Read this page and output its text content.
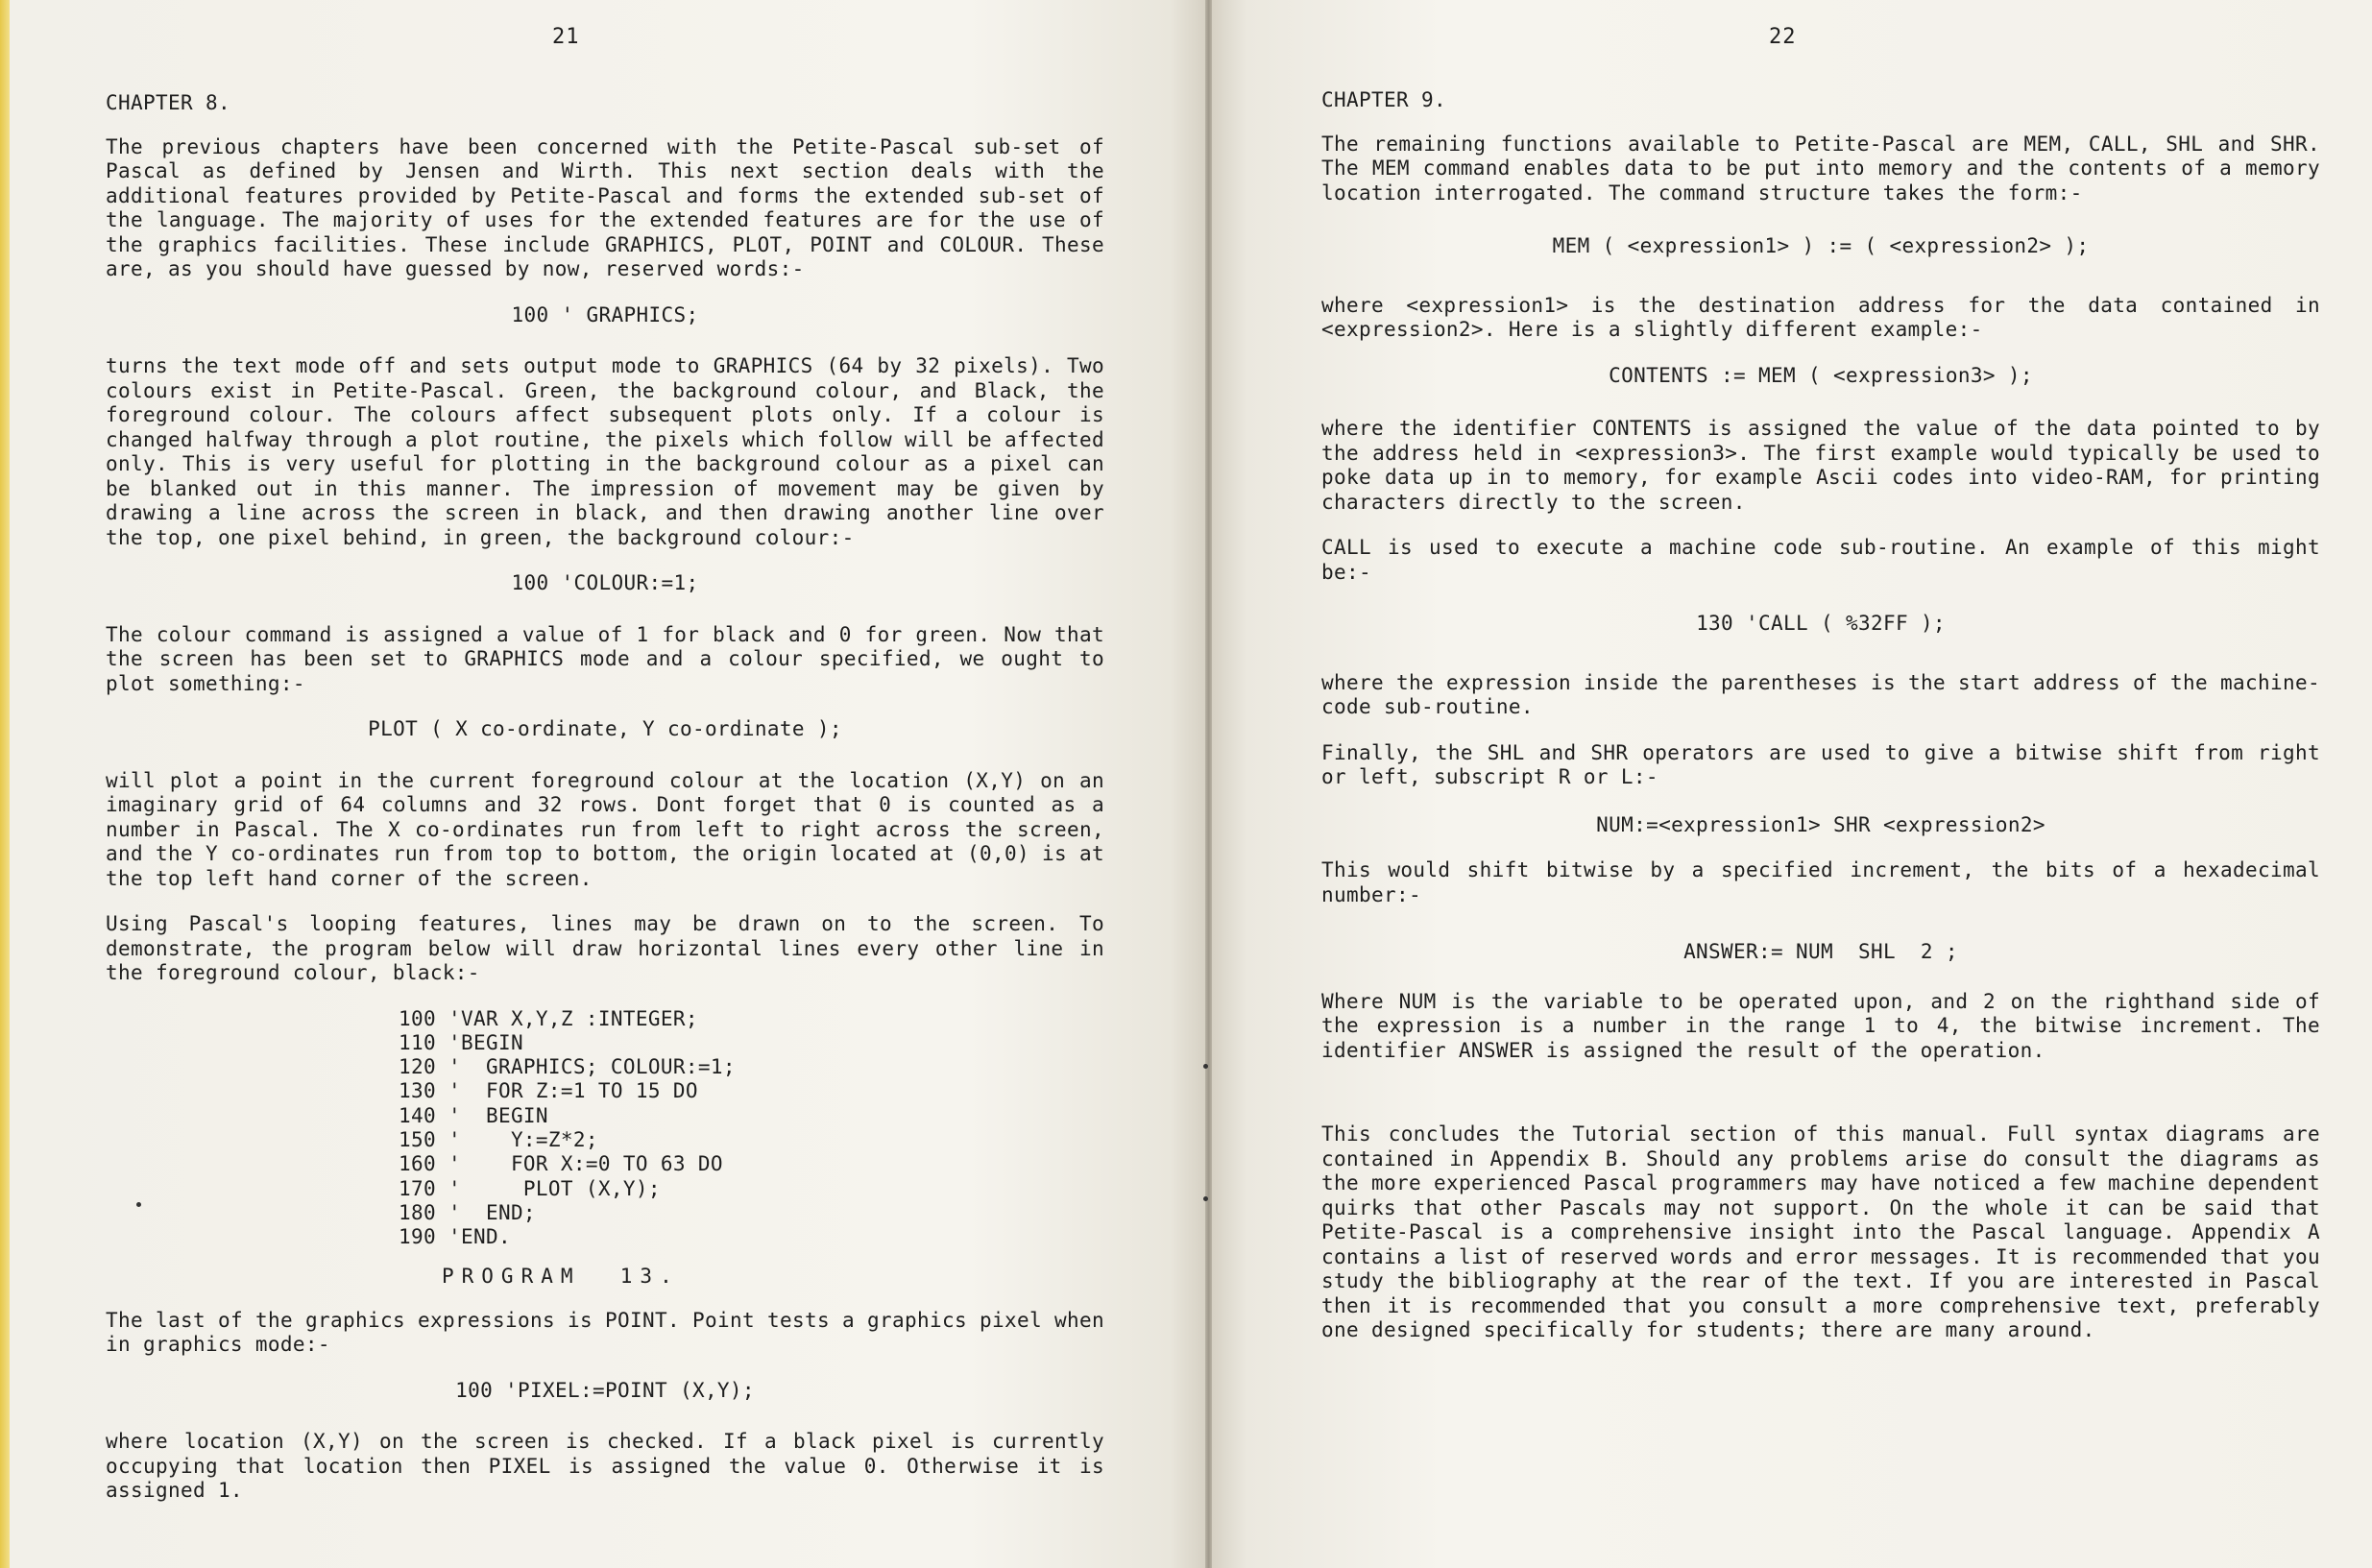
21
CHAPTER 8.

The previous chapters have been concerned with the Petite-Pascal sub-set of Pascal as defined by Jensen and Wirth. This next section deals with the additional features provided by Petite-Pascal and forms the extended sub-set of the language. The majority of uses for the extended features are for the use of the graphics facilities. These include GRAPHICS, PLOT, POINT and COLOUR. These are, as you should have guessed by now, reserved words:-

100 ' GRAPHICS;

turns the text mode off and sets output mode to GRAPHICS (64 by 32 pixels). Two colours exist in Petite-Pascal. Green, the background colour, and Black, the foreground colour. The colours affect subsequent plots only. If a colour is changed halfway through a plot routine, the pixels which follow will be affected only. This is very useful for plotting in the background colour as a pixel can be blanked out in this manner. The impression of movement may be given by drawing a line across the screen in black, and then drawing another line over the top, one pixel behind, in green, the background colour:-

100 'COLOUR:=1;

The colour command is assigned a value of 1 for black and 0 for green. Now that the screen has been set to GRAPHICS mode and a colour specified, we ought to plot something:-

PLOT ( X co-ordinate, Y co-ordinate );

will plot a point in the current foreground colour at the location (X,Y) on an imaginary grid of 64 columns and 32 rows. Dont forget that 0 is counted as a number in Pascal. The X co-ordinates run from left to right across the screen, and the Y co-ordinates run from top to bottom, the origin located at (0,0) is at the top left hand corner of the screen.

Using Pascal's looping features, lines may be drawn on to the screen. To demonstrate, the program below will draw horizontal lines every other line in the foreground colour, black:-

100 'VAR X,Y,Z :INTEGER;
110 'BEGIN
120 '  GRAPHICS; COLOUR:=1;
130 '  FOR Z:=1 TO 15 DO
140 '  BEGIN
150 '    Y:=Z*2;
160 '    FOR X:=0 TO 63 DO
170 '     PLOT (X,Y);
180 '  END;
190 'END.
PROGRAM  13.

The last of the graphics expressions is POINT. Point tests a graphics pixel when in graphics mode:-

100 'PIXEL:=POINT (X,Y);

where location (X,Y) on the screen is checked. If a black pixel is currently occupying that location then PIXEL is assigned the value 0. Otherwise it is assigned 1.

22
CHAPTER 9.

The remaining functions available to Petite-Pascal are MEM, CALL, SHL and SHR. The MEM command enables data to be put into memory and the contents of a memory location interrogated. The command structure takes the form:-

MEM ( <expression1> ) := ( <expression2> );

where <expression1> is the destination address for the data contained in <expression2>. Here is a slightly different example:-

CONTENTS := MEM ( <expression3> );

where the identifier CONTENTS is assigned the value of the data pointed to by the address held in <expression3>. The first example would typically be used to poke data up in to memory, for example Ascii codes into video-RAM, for printing characters directly to the screen.

CALL is used to execute a machine code sub-routine. An example of this might be:-

130 'CALL ( %32FF );

where the expression inside the parentheses is the start address of the machine-code sub-routine.

Finally, the SHL and SHR operators are used to give a bitwise shift from right or left, subscript R or L:-

NUM:=<expression1> SHR <expression2>

This would shift bitwise by a specified increment, the bits of a hexadecimal number:-

ANSWER:= NUM  SHL  2 ;

Where NUM is the variable to be operated upon, and 2 on the righthand side of the expression is a number in the range 1 to 4, the bitwise increment. The identifier ANSWER is assigned the result of the operation.

This concludes the Tutorial section of this manual. Full syntax diagrams are contained in Appendix B. Should any problems arise do consult the diagrams as the more experienced Pascal programmers may have noticed a few machine dependent quirks that other Pascals may not support. On the whole it can be said that Petite-Pascal is a comprehensive insight into the Pascal language. Appendix A contains a list of reserved words and error messages. It is recommended that you study the bibliography at the rear of the text. If you are interested in Pascal then it is recommended that you consult a more comprehensive text, preferably one designed specifically for students; there are many around.
